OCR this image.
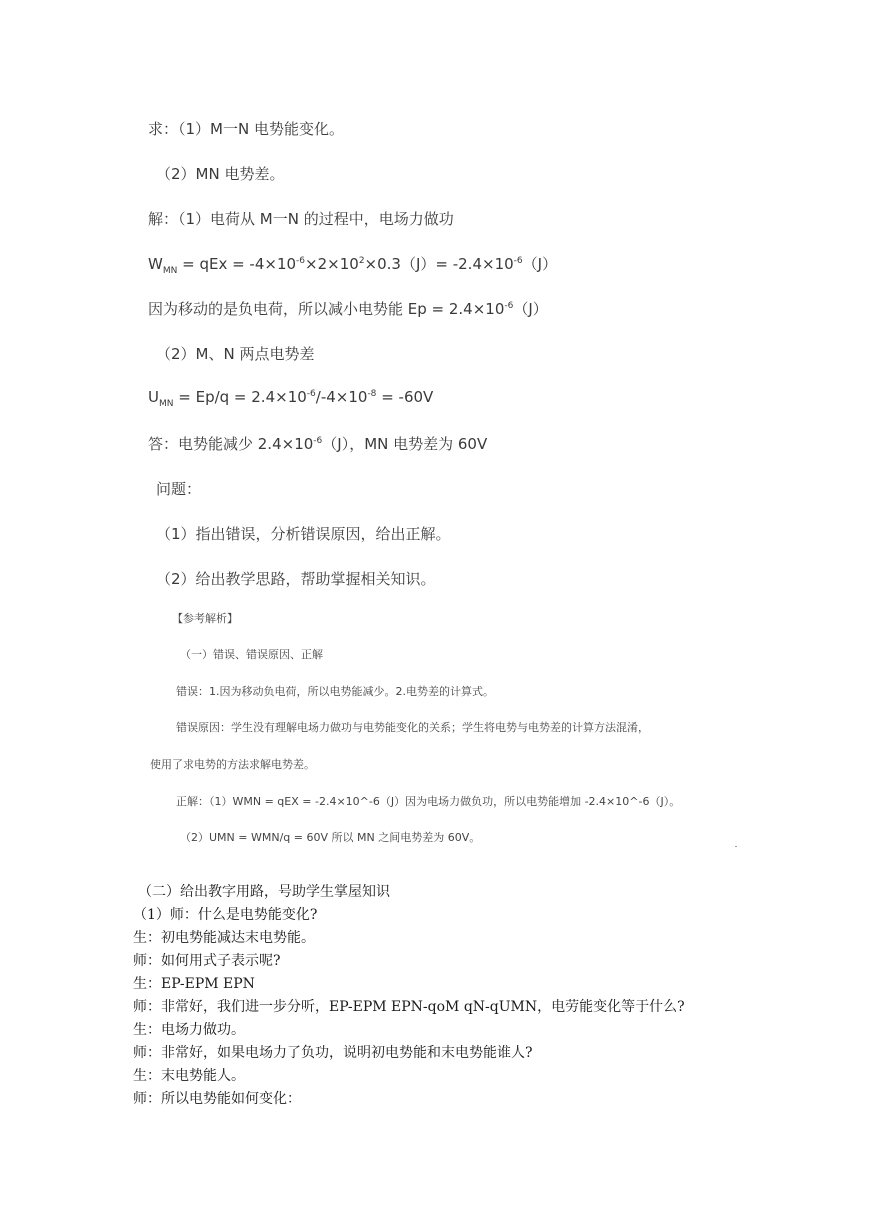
求：（1）M一N 电势能变化。
（2）MN 电势差。
解：（1）电荷从 M一N 的过程中，电场力做功
$W_{MN}$ = qEx = $-4\times 10^{-6}\times 2\times 10^2\times 0.3(J)= -2.4\times 10^{-6}(J)$
因为移动的是负电荷，所以减小电势能 $Ep = 2.4\times 10^{-6}(J)$
（2）M、N 两点电势差
$U_{MN} = Ep/q = 2.4\times 10^{-6}/-4\times 10^{-8} = -60V$
答：电势能减少 $2.4\times 10^{-6}(J)$，MN 电势差为 60V
问题：
（1）指出错误，分析错误原因，给出正解。
（2）给出教学思路，帮助掌握相关知识。
【参考解析】
（一）错误、错误原因、正解
错误：1.因为移动负电荷，所以电势能减少。2.电势差的计算式。
错误原因：学生没有理解电场力做功与电势能变化的关系；学生将电势与电势差的计算方法混淆，
使用了求电势的方法求解电势差。
正解：（1）WMN = qEX = -2.4×10^-6（J）因为电场力做负功，所以电势能增加 -2.4×10^-6（J）。
（2）UMN = WMN/q = 60V 所以 MN 之间电势差为 60V。
（二）给出教字用路，号助学生掌屋知识
（1）师：什么是电势能变化?
生：初电势能减达末电势能。
师：如何用式子表示呢?
生：EP-EPM EPN
师：非常好，我们进一步分听，EP-EPM EPN-qoM qN-qUMN，电劳能变化等于什么?
生：电场力做功。
师：非常好，如果电场力了负功，说明初电势能和末电势能谁人?
生：末电势能人。
师：所以电势能如何变化：
